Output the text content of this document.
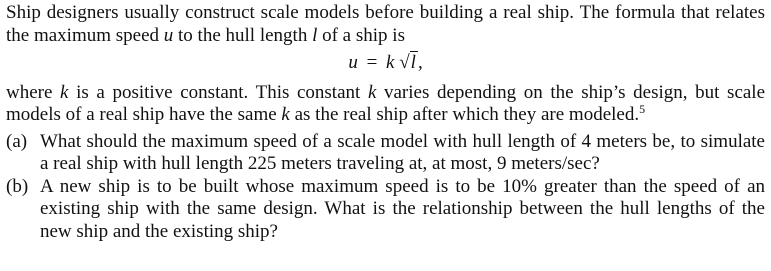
Ship designers usually construct scale models before building a real ship. The formula that relates the maximum speed u to the hull length l of a ship is

u = k √l ,

where k is a positive constant. This constant k varies depending on the ship’s design, but scale models of a real ship have the same k as the real ship after which they are modeled.$^5$

(a) What should the maximum speed of a scale model with hull length of 4 meters be, to simulate a real ship with hull length 225 meters traveling at, at most, 9 meters/sec?
(b) A new ship is to be built whose maximum speed is to be 10% greater than the speed of an existing ship with the same design. What is the relationship between the hull lengths of the new ship and the existing ship?
